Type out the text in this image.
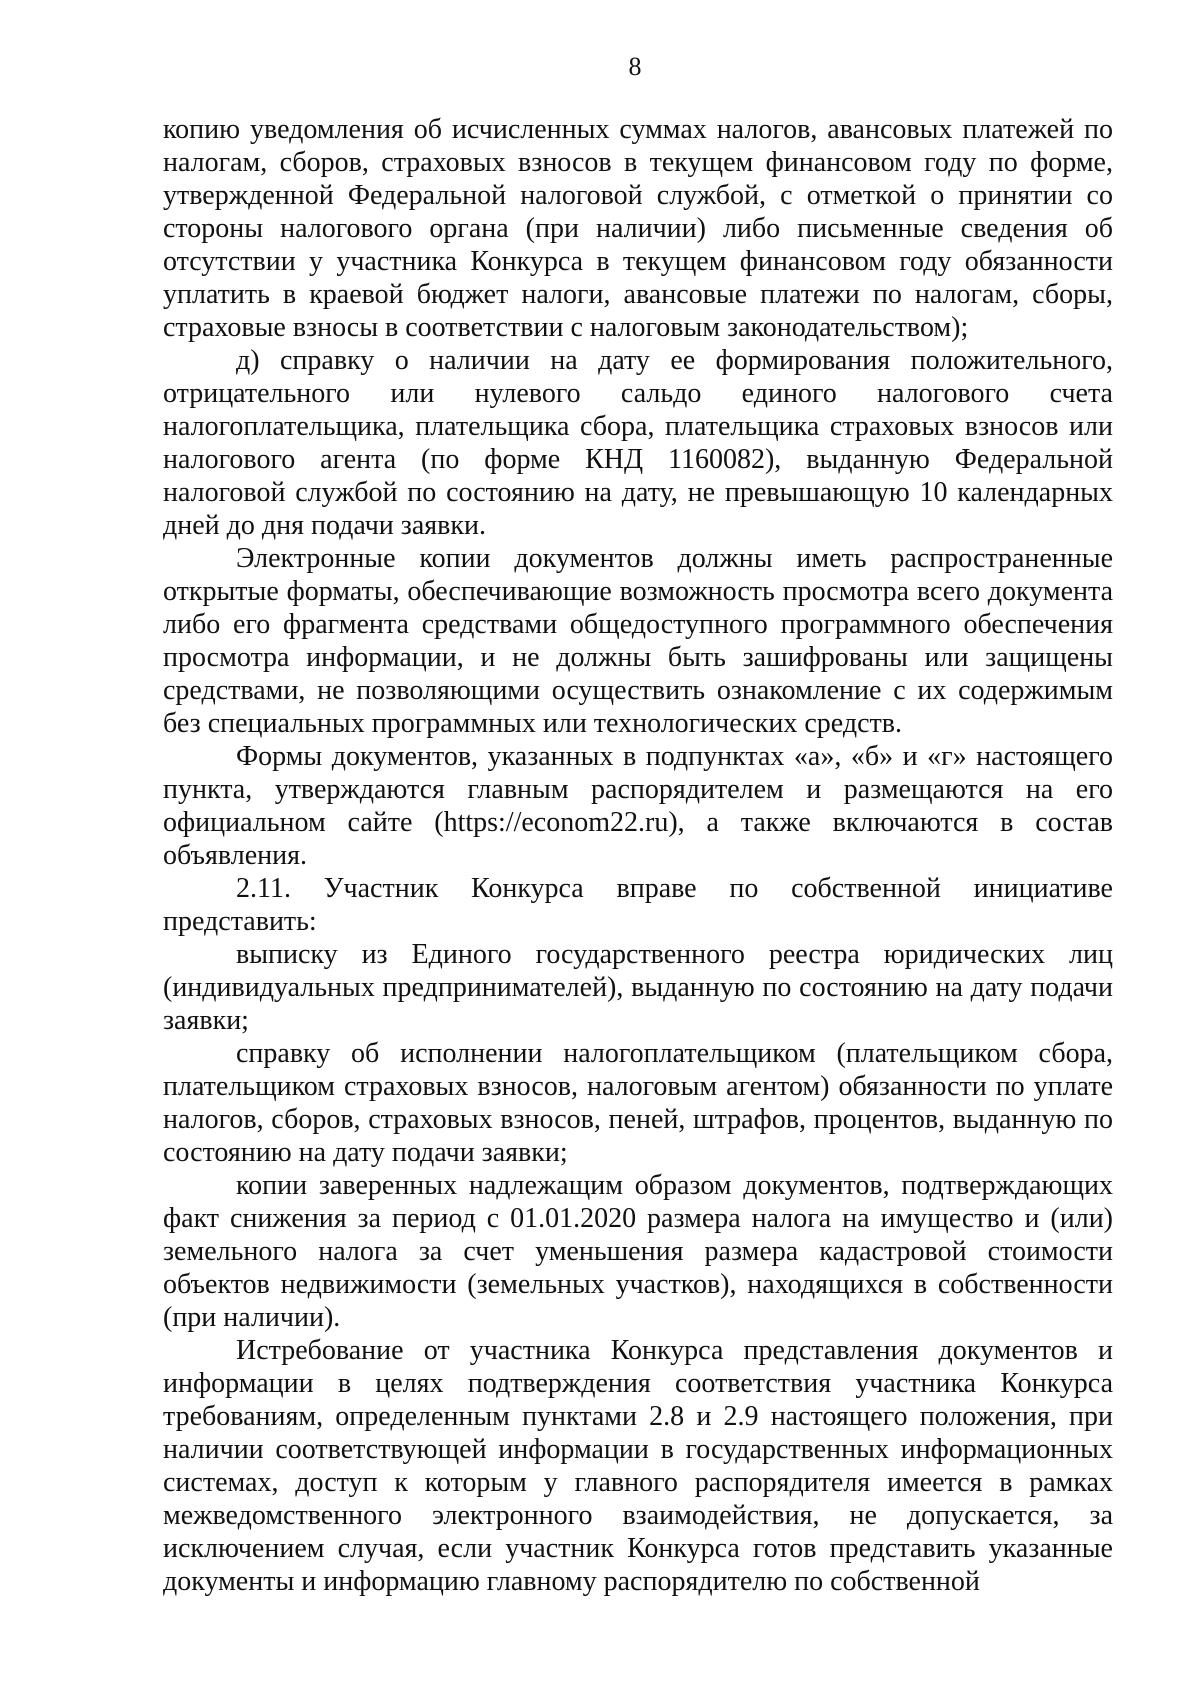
8

копию уведомления об исчисленных суммах налогов, авансовых платежей по налогам, сборов, страховых взносов в текущем финансовом году по форме, утвержденной Федеральной налоговой службой, с отметкой о принятии со стороны налогового органа (при наличии) либо письменные сведения об отсутствии у участника Конкурса в текущем финансовом году обязанности уплатить в краевой бюджет налоги, авансовые платежи по налогам, сборы, страховые взносы в соответствии с налоговым законодательством);

д) справку о наличии на дату ее формирования положительного, отрицательного или нулевого сальдо единого налогового счета налогоплательщика, плательщика сбора, плательщика страховых взносов или налогового агента (по форме КНД 1160082), выданную Федеральной налоговой службой по состоянию на дату, не превышающую 10 календарных дней до дня подачи заявки.

Электронные копии документов должны иметь распространенные открытые форматы, обеспечивающие возможность просмотра всего документа либо его фрагмента средствами общедоступного программного обеспечения просмотра информации, и не должны быть зашифрованы или защищены средствами, не позволяющими осуществить ознакомление с их содержимым без специальных программных или технологических средств.

Формы документов, указанных в подпунктах «а», «б» и «г» настоящего пункта, утверждаются главным распорядителем и размещаются на его официальном сайте (https://econom22.ru), а также включаются в состав объявления.

2.11. Участник Конкурса вправе по собственной инициативе представить:

выписку из Единого государственного реестра юридических лиц (индивидуальных предпринимателей), выданную по состоянию на дату подачи заявки;

справку об исполнении налогоплательщиком (плательщиком сбора, плательщиком страховых взносов, налоговым агентом) обязанности по уплате налогов, сборов, страховых взносов, пеней, штрафов, процентов, выданную по состоянию на дату подачи заявки;

копии заверенных надлежащим образом документов, подтверждающих факт снижения за период с 01.01.2020 размера налога на имущество и (или) земельного налога за счет уменьшения размера кадастровой стоимости объектов недвижимости (земельных участков), находящихся в собственности (при наличии).

Истребование от участника Конкурса представления документов и информации в целях подтверждения соответствия участника Конкурса требованиям, определенным пунктами 2.8 и 2.9 настоящего положения, при наличии соответствующей информации в государственных информационных системах, доступ к которым у главного распорядителя имеется в рамках межведомственного электронного взаимодействия, не допускается, за исключением случая, если участник Конкурса готов представить указанные документы и информацию главному распорядителю по собственной
